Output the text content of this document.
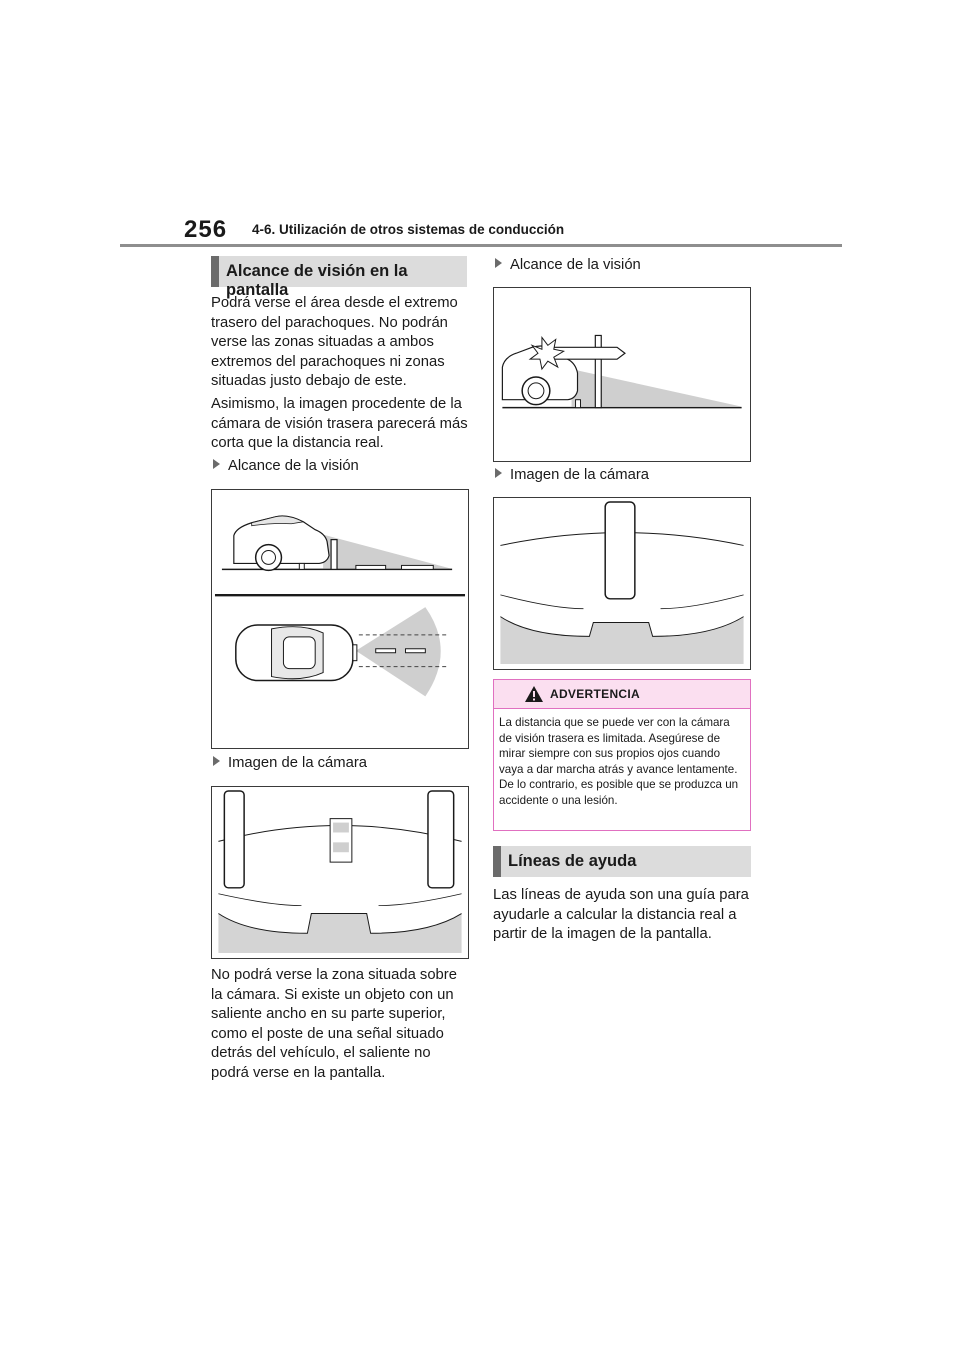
256 4-6. Utilización de otros sistemas de conducción
Alcance de visión en la pantalla
Podrá verse el área desde el extremo trasero del parachoques. No podrán verse las zonas situadas a ambos extremos del parachoques ni zonas situadas justo debajo de este.
Asimismo, la imagen procedente de la cámara de visión trasera parecerá más corta que la distancia real.
Alcance de la visión
Imagen de la cámara
No podrá verse la zona situada sobre la cámara. Si existe un objeto con un saliente ancho en su parte superior, como el poste de una señal situado detrás del vehículo, el saliente no podrá verse en la pantalla.
Alcance de la visión
Imagen de la cámara
ADVERTENCIA
La distancia que se puede ver con la cámara de visión trasera es limitada. Asegúrese de mirar siempre con sus propios ojos cuando vaya a dar marcha atrás y avance lentamente. De lo contrario, es posible que se produzca un accidente o una lesión.
Líneas de ayuda
Las líneas de ayuda son una guía para ayudarle a calcular la distancia real a partir de la imagen de la pantalla.
